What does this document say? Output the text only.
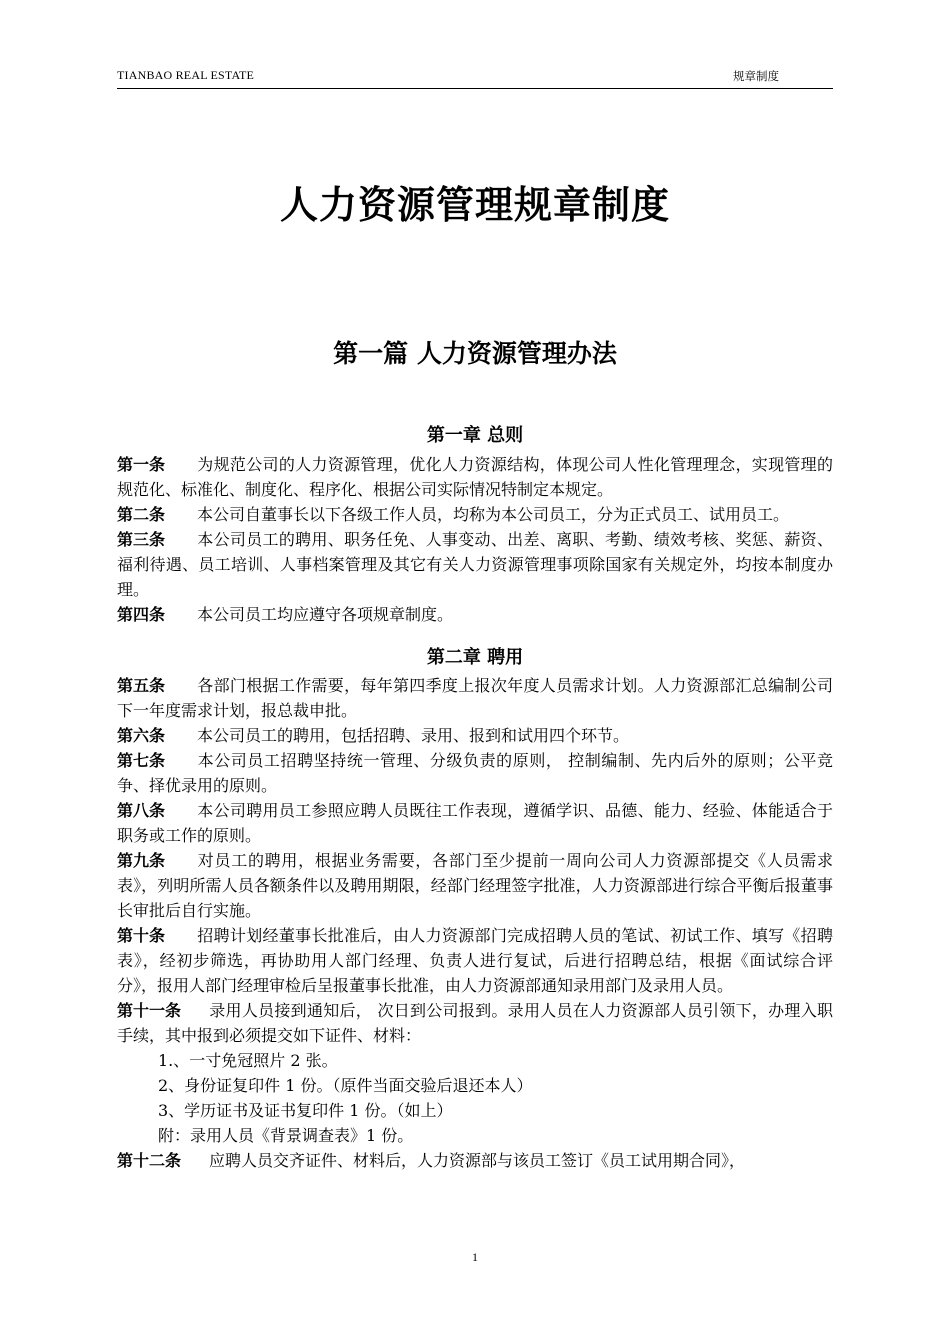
TIANBAO REAL ESTATE	规章制度
人力资源管理规章制度
第一篇 人力资源管理办法
第一章 总则
第一条 为规范公司的人力资源管理，优化人力资源结构，体现公司人性化管理理念，实现管理的规范化、标准化、制度化、程序化、根据公司实际情况特制定本规定。
第二条 本公司自董事长以下各级工作人员，均称为本公司员工，分为正式员工、试用员工。
第三条 本公司员工的聘用、职务任免、人事变动、出差、离职、考勤、绩效考核、奖惩、薪资、福利待遇、员工培训、人事档案管理及其它有关人力资源管理事项除国家有关规定外，均按本制度办理。
第四条 本公司员工均应遵守各项规章制度。
第二章 聘用
第五条 各部门根据工作需要，每年第四季度上报次年度人员需求计划。人力资源部汇总编制公司下一年度需求计划，报总裁申批。
第六条 本公司员工的聘用，包括招聘、录用、报到和试用四个环节。
第七条 本公司员工招聘坚持统一管理、分级负责的原则， 控制编制、先内后外的原则；公平竞争、择优录用的原则。
第八条 本公司聘用员工参照应聘人员既往工作表现，遵循学识、品德、能力、经验、体能适合于职务或工作的原则。
第九条 对员工的聘用，根据业务需要，各部门至少提前一周向公司人力资源部提交《人员需求表》，列明所需人员各额条件以及聘用期限，经部门经理签字批准，人力资源部进行综合平衡后报董事长审批后自行实施。
第十条 招聘计划经董事长批准后，由人力资源部门完成招聘人员的笔试、初试工作、填写《招聘表》，经初步筛选，再协助用人部门经理、负责人进行复试，后进行招聘总结，根据《面试综合评分》，报用人部门经理审检后呈报董事长批准，由人力资源部通知录用部门及录用人员。
第十一条 录用人员接到通知后， 次日到公司报到。录用人员在人力资源部人员引领下，办理入职手续，其中报到必须提交如下证件、材料：
1.、一寸免冠照片 2 张。
2、身份证复印件 1 份。（原件当面交验后退还本人）
3、学历证书及证书复印件 1 份。（如上）
附：录用人员《背景调查表》1 份。
第十二条 应聘人员交齐证件、材料后，人力资源部与该员工签订《员工试用期合同》，
1
